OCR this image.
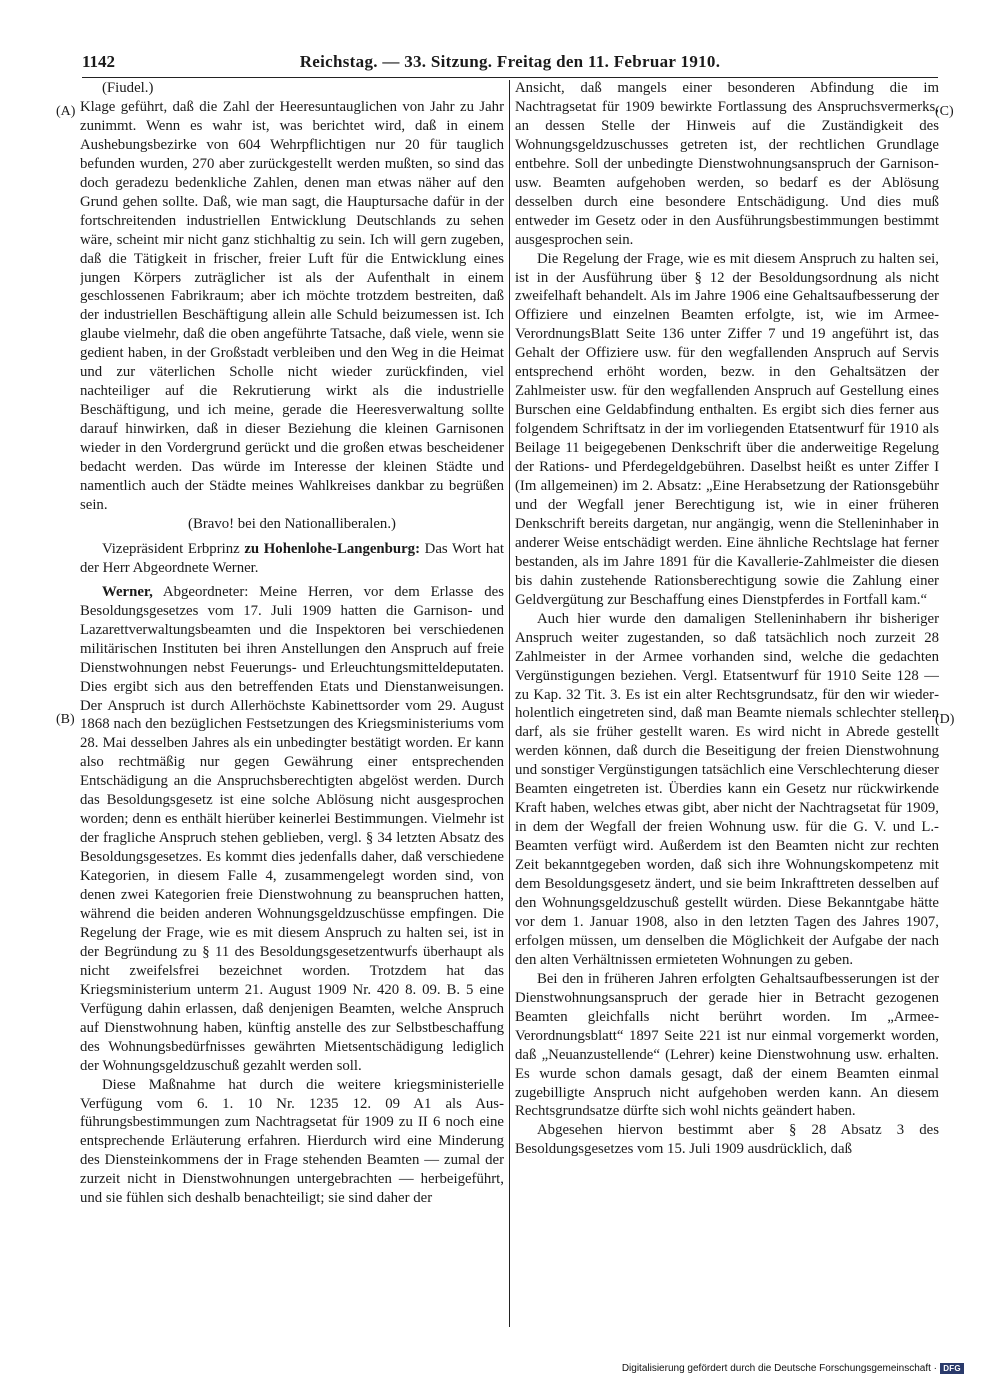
1142	Reichstag. — 33. Sitzung. Freitag den 11. Februar 1910.
(A)
(B)
(C)
(D)

(Fiudel.)

Klage geführt, daß die Zahl der Heeresuntauglichen von Jahr zu Jahr zunimmt. Wenn es wahr ist, was berichtet wird, daß in einem Aushebungsbezirke von 604 Wehrpflichtigen nur 20 für tauglich befunden wurden, 270 aber zurückgestellt werden mußten, so sind das doch geradezu bedenkliche Zahlen, denen man etwas näher auf den Grund gehen sollte. Daß, wie man sagt, die Hauptursache dafür in der fortschreitenden industriellen Entwicklung Deutschlands zu sehen wäre, scheint mir nicht ganz stichhaltig zu sein. Ich will gern zugeben, daß die Tätigkeit in frischer, freier Luft für die Entwicklung eines jungen Körpers zuträglicher ist als der Aufenthalt in einem geschlossenen Fabrikraum; aber ich möchte trotzdem bestreiten, daß der industriellen Beschäftigung allein alle Schuld beizumessen ist. Ich glaube vielmehr, daß die oben angeführte Tatsache, daß viele, wenn sie gedient haben, in der Großstadt verbleiben und den Weg in die Heimat und zur väterlichen Scholle nicht wieder zurückfinden, viel nachteiliger auf die Rekrutierung wirkt als die industrielle Beschäftigung, und ich meine, gerade die Heeresverwaltung sollte darauf hinwirken, daß in dieser Beziehung die kleinen Garnisonen wieder in den Vordergrund gerückt und die großen etwas bescheidener bedacht werden. Das würde im Interesse der kleinen Städte und namentlich auch der Städte meines Wahlkreises dankbar zu begrüßen sein.

(Bravo! bei den Nationalliberalen.)

Vizepräsident Erbprinz zu Hohenlohe-Langenburg: Das Wort hat der Herr Abgeordnete Werner.

Werner, Abgeordneter: Meine Herren, vor dem Erlasse des Besoldungsgesetzes vom 17. Juli 1909 hatten die Garnison- und Lazarettverwaltungsbeamten und die Inspektoren bei verschiedenen militärischen Instituten bei ihren Anstellungen den Anspruch auf freie Dienstwohnungen nebst Feuerungs- und Erleuchtungsmitteldeputaten. Dies ergibt sich aus den betreffenden Etats und Dienstanweisungen. Der Anspruch ist durch Allerhöchste Kabinettsorder vom 29. August 1868 nach den bezüglichen Festsetzungen des Kriegsministeriums vom 28. Mai desselben Jahres als ein unbedingter bestätigt worden. Er kann also rechtmäßig nur gegen Gewährung einer entsprechenden Entschädigung an die Anspruchsberechtigten abgelöst werden. Durch das Besoldungsgesetz ist eine solche Ablösung nicht ausgesprochen worden; denn es enthält hierüber keinerlei Bestimmungen. Vielmehr ist der fragliche Anspruch stehen geblieben, vergl. § 34 letzten Absatz des Besoldungsgesetzes. Es kommt dies jedenfalls daher, daß verschiedene Kategorien, in diesem Falle 4, zusammengelegt worden sind, von denen zwei Kategorien freie Dienstwohnung zu beanspruchen hatten, während die beiden anderen Wohnungsgeldzuschüsse empfingen. Die Regelung der Frage, wie es mit diesem Anspruch zu halten sei, ist in der Begründung zu § 11 des Besoldungsgesetzentwurfs überhaupt als nicht zweifelsfrei bezeichnet worden. Trotzdem hat das Kriegsministerium unterm 21. August 1909 Nr. 420 8. 09. B. 5 eine Verfügung dahin erlassen, daß denjenigen Beamten, welche Anspruch auf Dienstwohnung haben, künftig anstelle des zur Selbstbeschaffung des Wohnungsbedürfnisses gewährten Mietsentschädigung lediglich der Wohnungsgeldzuschuß gezahlt werden soll.

Diese Maßnahme hat durch die weitere kriegsministerielle Verfügung vom 6. 1. 10 Nr. 1235 12. 09 A1 als Ausführungsbestimmungen zum Nachtragsetat für 1909 zu II 6 noch eine entsprechende Erläuterung erfahren. Hierdurch wird eine Minderung des Diensteinkommens der in Frage stehenden Beamten — zumal der zurzeit nicht in Dienstwohnungen untergebrachten — herbeigeführt, und sie fühlen sich deshalb benachteiligt; sie sind daher der

Ansicht, daß mangels einer besonderen Abfindung die im Nachtragsetat für 1909 bewirkte Fortlassung des Anspruchsvermerks, an dessen Stelle der Hinweis auf die Zuständigkeit des Wohnungsgeldzuschusses getreten ist, der rechtlichen Grundlage entbehre. Soll der unbedingte Dienstwohnungsanspruch der Garnison- usw. Beamten aufgehoben werden, so bedarf es der Ablösung desselben durch eine besondere Entschädigung. Und dies muß entweder im Gesetz oder in den Ausführungsbestimmungen bestimmt ausgesprochen sein.

Die Regelung der Frage, wie es mit diesem Anspruch zu halten sei, ist in der Ausführung über § 12 der Besoldungsordnung als nicht zweifelhaft behandelt. Als im Jahre 1906 eine Gehaltsaufbesserung der Offiziere und einzelnen Beamten erfolgte, ist, wie im Armee-VerordnungsBlatt Seite 136 unter Ziffer 7 und 19 angeführt ist, das Gehalt der Offiziere usw. für den wegfallenden Anspruch auf Servis entsprechend erhöht worden, bezw. in den Gehaltsätzen der Zahlmeister usw. für den wegfallenden Anspruch auf Gestellung eines Burschen eine Geldabfindung enthalten. Es ergibt sich dies ferner aus folgendem Schriftsatz in der im vorliegenden Etatsentwurf für 1910 als Beilage 11 beigegebenen Denkschrift über die anderweitige Regelung der Rations- und Pferdegeldgebühren. Daselbst heißt es unter Ziffer I (Im allgemeinen) im 2. Absatz: „Eine Herabsetzung der Rationsgebühr und der Wegfall jener Berechtigung ist, wie in einer früheren Denkschrift bereits dargetan, nur angängig, wenn die Stelleninhaber in anderer Weise entschädigt werden. Eine ähnliche Rechtslage hat ferner bestanden, als im Jahre 1891 für die Kavallerie-Zahlmeister die diesen bis dahin zustehende Rationsberechtigung sowie die Zahlung einer Geldvergütung zur Beschaffung eines Dienstpferdes in Fortfall kam.“

Auch hier wurde den damaligen Stelleninhabern ihr bisheriger Anspruch weiter zugestanden, so daß tatsächlich noch zurzeit 28 Zahlmeister in der Armee vorhanden sind, welche die gedachten Vergünstigungen beziehen. Vergl. Etatsentwurf für 1910 Seite 128 — zu Kap. 32 Tit. 3. Es ist ein alter Rechtsgrundsatz, für den wir wiederholentlich eingetreten sind, daß man Beamte niemals schlechter stellen darf, als sie früher gestellt waren. Es wird nicht in Abrede gestellt werden können, daß durch die Beseitigung der freien Dienstwohnung und sonstiger Vergünstigungen tatsächlich eine Verschlechterung dieser Beamten eingetreten ist. Überdies kann ein Gesetz nur rückwirkende Kraft haben, welches etwas gibt, aber nicht der Nachtragsetat für 1909, in dem der Wegfall der freien Wohnung usw. für die G. V. und L.-Beamten verfügt wird. Außerdem ist den Beamten nicht zur rechten Zeit bekanntgegeben worden, daß sich ihre Wohnungskompetenz mit dem Besoldungsgesetz ändert, und sie beim Inkrafttreten desselben auf den Wohnungsgeldzuschuß gestellt würden. Diese Bekanntgabe hätte vor dem 1. Januar 1908, also in den letzten Tagen des Jahres 1907, erfolgen müssen, um denselben die Möglichkeit der Aufgabe der nach den alten Verhältnissen ermieteten Wohnungen zu geben.

Bei den in früheren Jahren erfolgten Gehaltsaufbesserungen ist der Dienstwohnungsanspruch der gerade hier in Betracht gezogenen Beamten gleichfalls nicht berührt worden. Im „Armee-Verordnungsblatt“ 1897 Seite 221 ist nur einmal vorgemerkt worden, daß „Neuanzustellende“ (Lehrer) keine Dienstwohnung usw. erhalten. Es wurde schon damals gesagt, daß der einem Beamten einmal zugebilligte Anspruch nicht aufgehoben werden kann. An diesem Rechtsgrundsatze dürfte sich wohl nichts geändert haben.

Abgesehen hiervon bestimmt aber § 28 Absatz 3 des Besoldungsgesetzes vom 15. Juli 1909 ausdrücklich, daß

Digitalisierung gefördert durch die Deutsche Forschungsgemeinschaft · DFG
